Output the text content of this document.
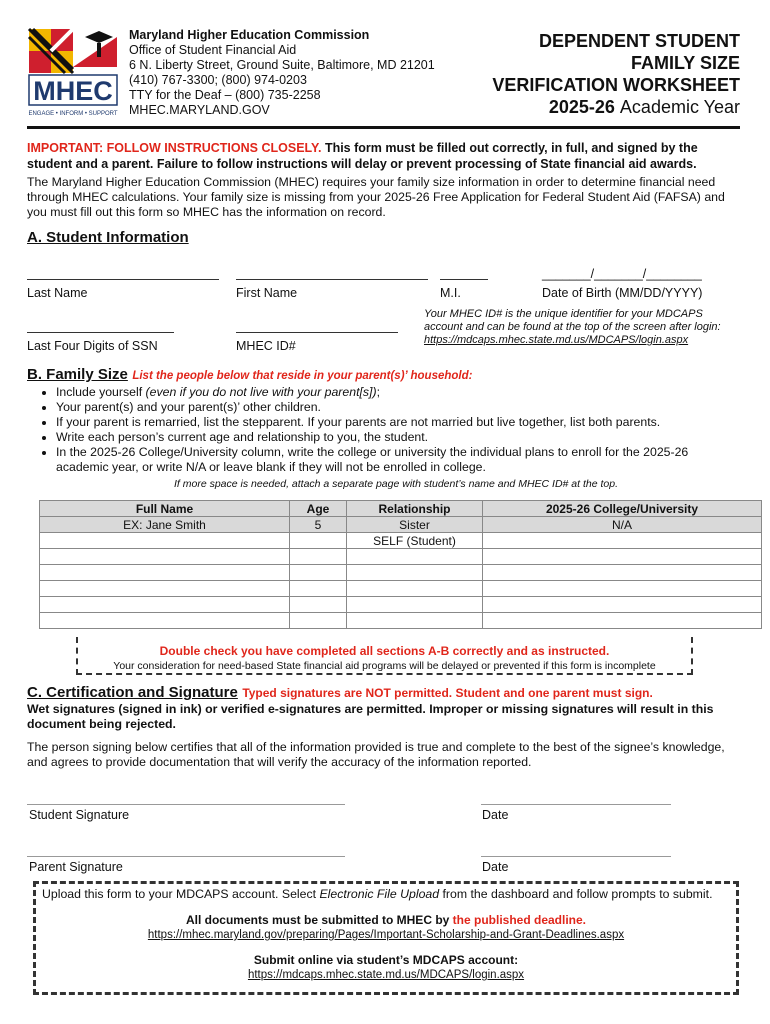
MHEC
ENGAGE • INFORM • SUPPORT
Maryland Higher Education Commission
Office of Student Financial Aid
6 N. Liberty Street, Ground Suite, Baltimore, MD 21201
(410) 767-3300; (800) 974-0203
TTY for the Deaf – (800) 735-2258
MHEC.MARYLAND.GOV
DEPENDENT STUDENT
FAMILY SIZE
VERIFICATION WORKSHEET
2025-26 Academic Year
IMPORTANT: FOLLOW INSTRUCTIONS CLOSELY. This form must be filled out correctly, in full, and signed by the student and a parent. Failure to follow instructions will delay or prevent processing of State financial aid awards.
The Maryland Higher Education Commission (MHEC) requires your family size information in order to determine financial need through MHEC calculations. Your family size is missing from your 2025-26 Free Application for Federal Student Aid (FAFSA) and you must fill out this form so MHEC has the information on record.
A. Student Information
_______/_______/________
Last Name	First Name	M.I.	Date of Birth (MM/DD/YYYY)
Last Four Digits of SSN	MHEC ID#
Your MHEC ID# is the unique identifier for your MDCAPS account and can be found at the top of the screen after login: https://mdcaps.mhec.state.md.us/MDCAPS/login.aspx
B. Family Size List the people below that reside in your parent(s)’ household:
• Include yourself (even if you do not live with your parent[s]);
• Your parent(s) and your parent(s)’ other children.
• If your parent is remarried, list the stepparent. If your parents are not married but live together, list both parents.
• Write each person’s current age and relationship to you, the student.
• In the 2025-26 College/University column, write the college or university the individual plans to enroll for the 2025-26 academic year, or write N/A or leave blank if they will not be enrolled in college.
If more space is needed, attach a separate page with student’s name and MHEC ID# at the top.
Full Name	Age	Relationship	2025-26 College/University
EX: Jane Smith	5	Sister	N/A
		SELF (Student)	

Double check you have completed all sections A-B correctly and as instructed.
Your consideration for need-based State financial aid programs will be delayed or prevented if this form is incomplete
C. Certification and Signature Typed signatures are NOT permitted. Student and one parent must sign.
Wet signatures (signed in ink) or verified e-signatures are permitted. Improper or missing signatures will result in this document being rejected.
The person signing below certifies that all of the information provided is true and complete to the best of the signee’s knowledge, and agrees to provide documentation that will verify the accuracy of the information reported.
Student Signature	Date
Parent Signature	Date
Upload this form to your MDCAPS account. Select Electronic File Upload from the dashboard and follow prompts to submit.
All documents must be submitted to MHEC by the published deadline.
https://mhec.maryland.gov/preparing/Pages/Important-Scholarship-and-Grant-Deadlines.aspx
Submit online via student’s MDCAPS account:
https://mdcaps.mhec.state.md.us/MDCAPS/login.aspx
